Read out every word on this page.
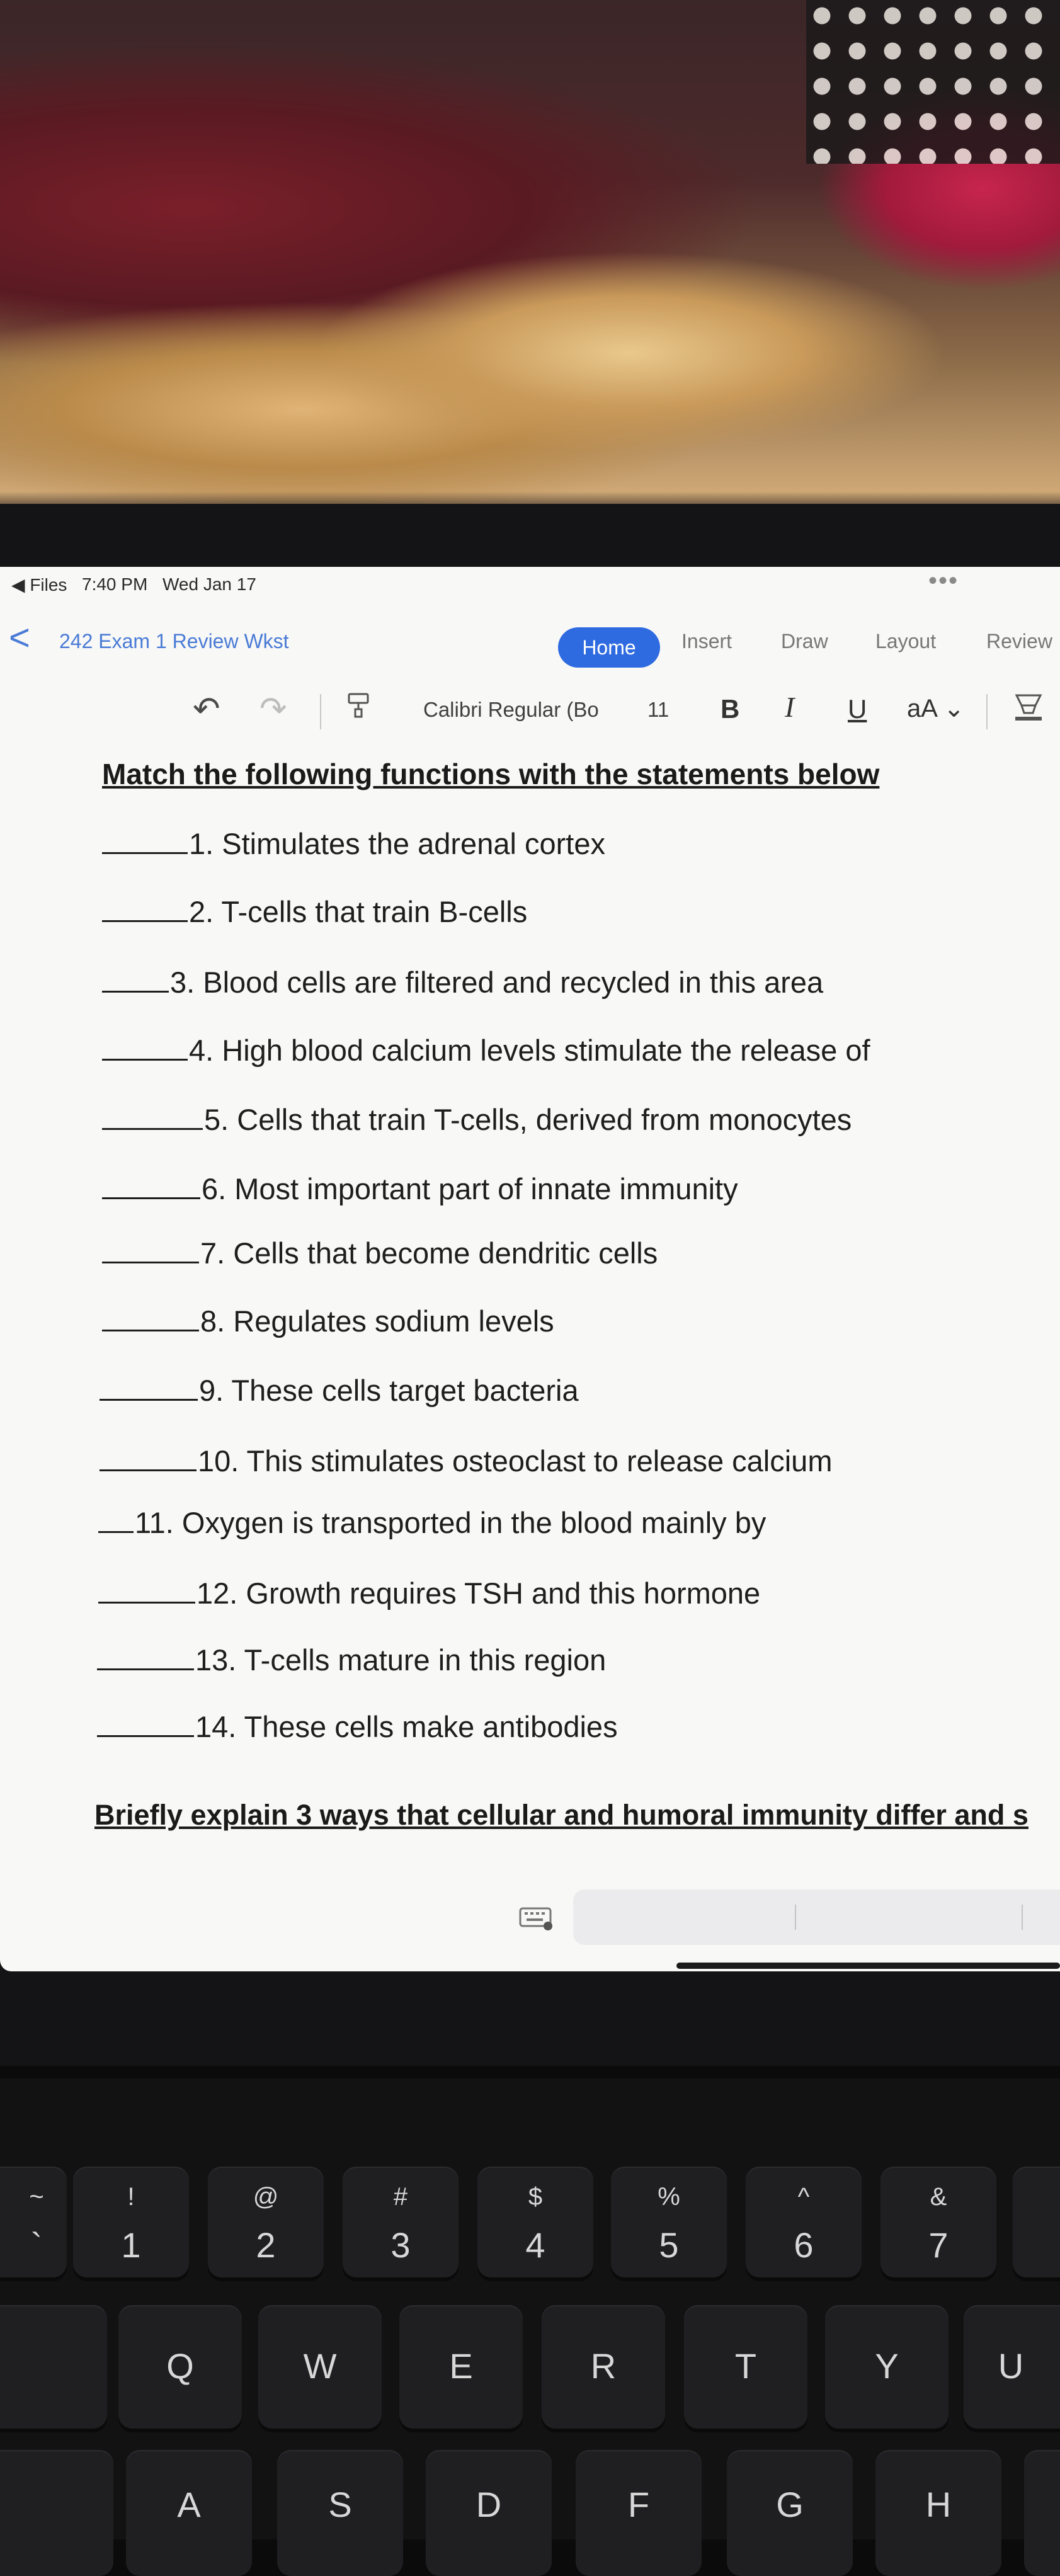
◀ Files 7:40 PM Wed Jan 17	•••
< 242 Exam 1 Review Wkst	Home	Insert Draw Layout Review
↶ ↷	Calibri Regular (Bo 11 B I U aA ⌄
Match the following functions with the statements below
1. Stimulates the adrenal cortex
2. T-cells that train B-cells
3. Blood cells are filtered and recycled in this area
4. High blood calcium levels stimulate the release of
5. Cells that train T-cells, derived from monocytes
6. Most important part of innate immunity
7. Cells that become dendritic cells
8. Regulates sodium levels
9. These cells target bacteria
10. This stimulates osteoclast to release calcium
11. Oxygen is transported in the blood mainly by
12. Growth requires TSH and this hormone
13. T-cells mature in this region
14. These cells make antibodies
Briefly explain 3 ways that cellular and humoral immunity differ and s
~
`
!
1
@
2
#
3
$
4
%
5
^
6
&
7
Q	W	E	R	T	Y	U
A	S	D	F	G	H
